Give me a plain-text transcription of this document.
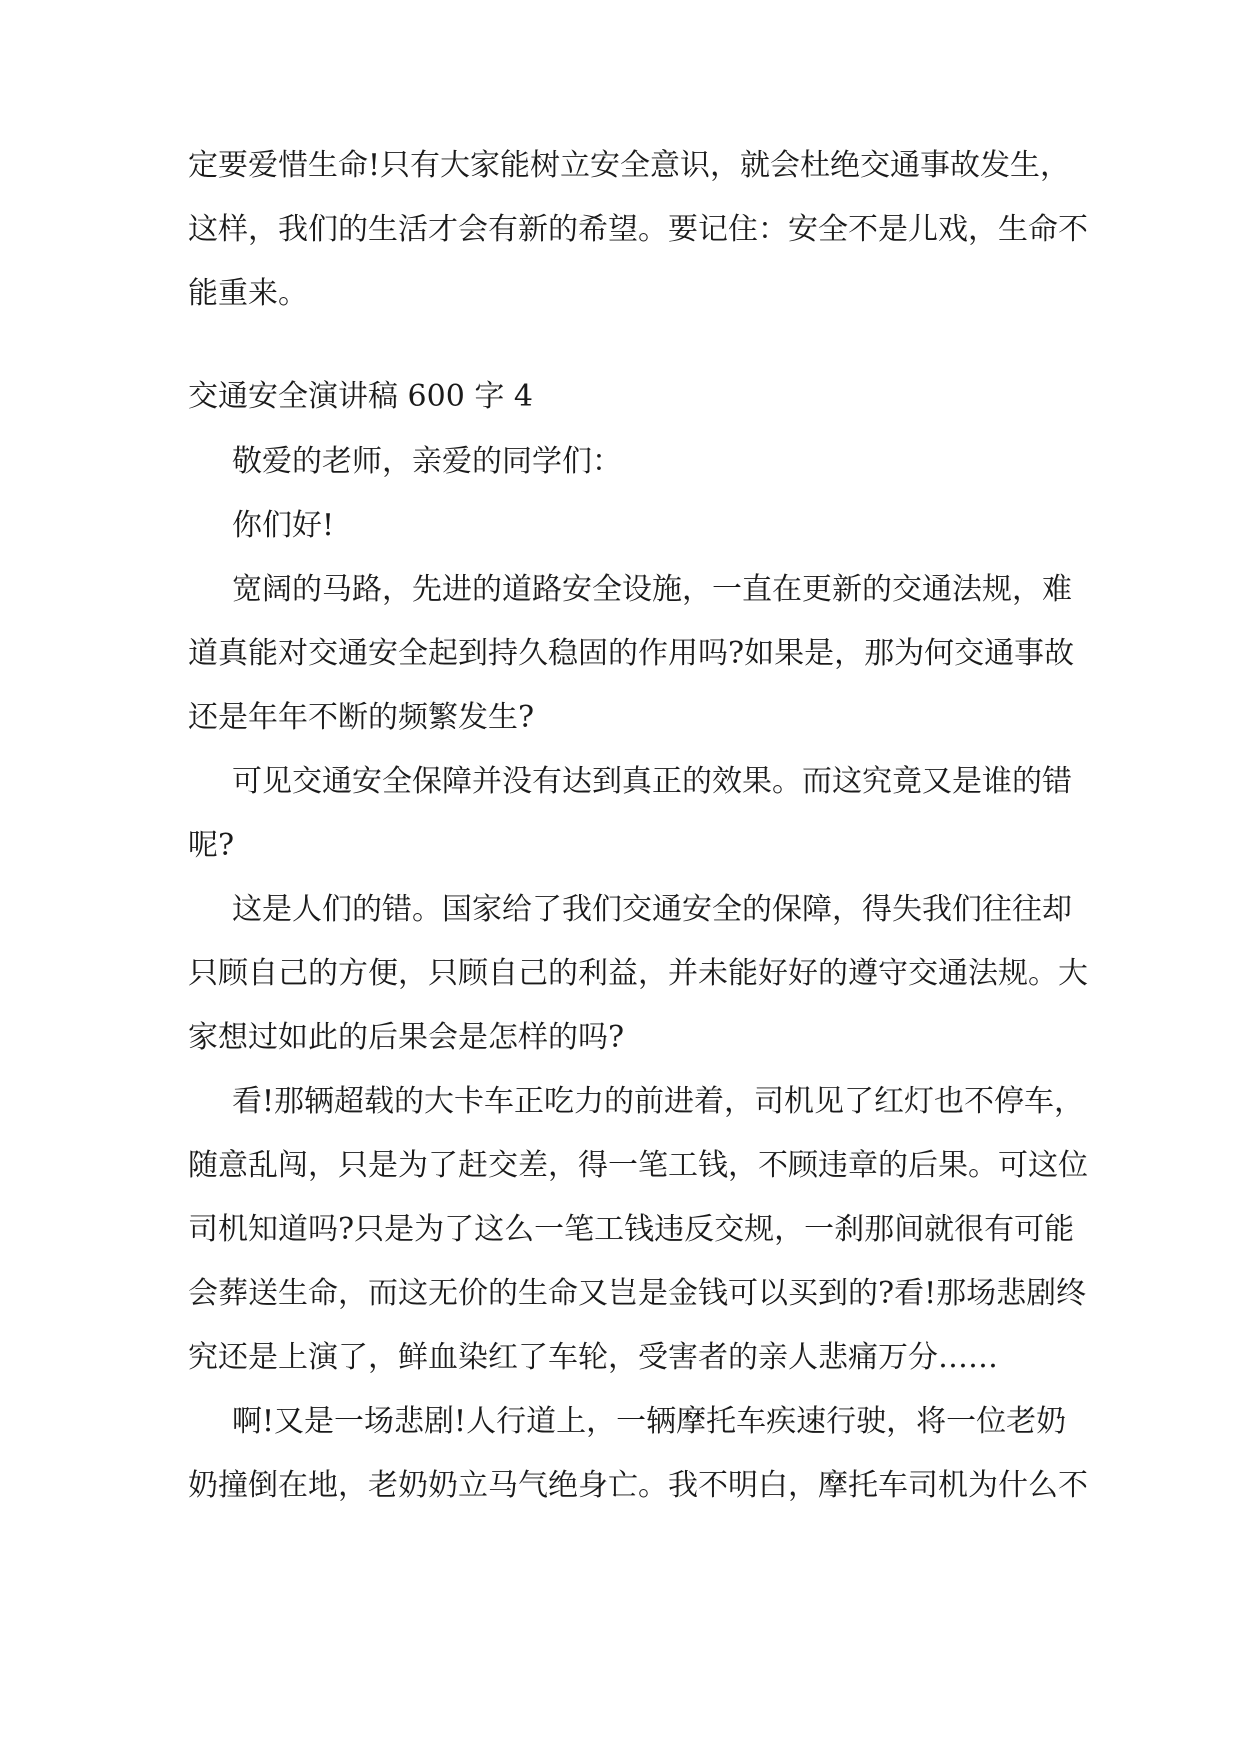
定要爱惜生命!只有大家能树立安全意识，就会杜绝交通事故发生，
这样，我们的生活才会有新的希望。要记住：安全不是儿戏，生命不
能重来。
交通安全演讲稿 600 字 4
敬爱的老师，亲爱的同学们：
你们好!
宽阔的马路，先进的道路安全设施，一直在更新的交通法规，难
道真能对交通安全起到持久稳固的作用吗?如果是，那为何交通事故
还是年年不断的频繁发生?
可见交通安全保障并没有达到真正的效果。而这究竟又是谁的错
呢?
这是人们的错。国家给了我们交通安全的保障，得失我们往往却
只顾自己的方便，只顾自己的利益，并未能好好的遵守交通法规。大
家想过如此的后果会是怎样的吗?
看!那辆超载的大卡车正吃力的前进着，司机见了红灯也不停车，
随意乱闯，只是为了赶交差，得一笔工钱，不顾违章的后果。可这位
司机知道吗?只是为了这么一笔工钱违反交规，一刹那间就很有可能
会葬送生命，而这无价的生命又岂是金钱可以买到的?看!那场悲剧终
究还是上演了，鲜血染红了车轮，受害者的亲人悲痛万分……
啊!又是一场悲剧!人行道上，一辆摩托车疾速行驶，将一位老奶
奶撞倒在地，老奶奶立马气绝身亡。我不明白，摩托车司机为什么不
